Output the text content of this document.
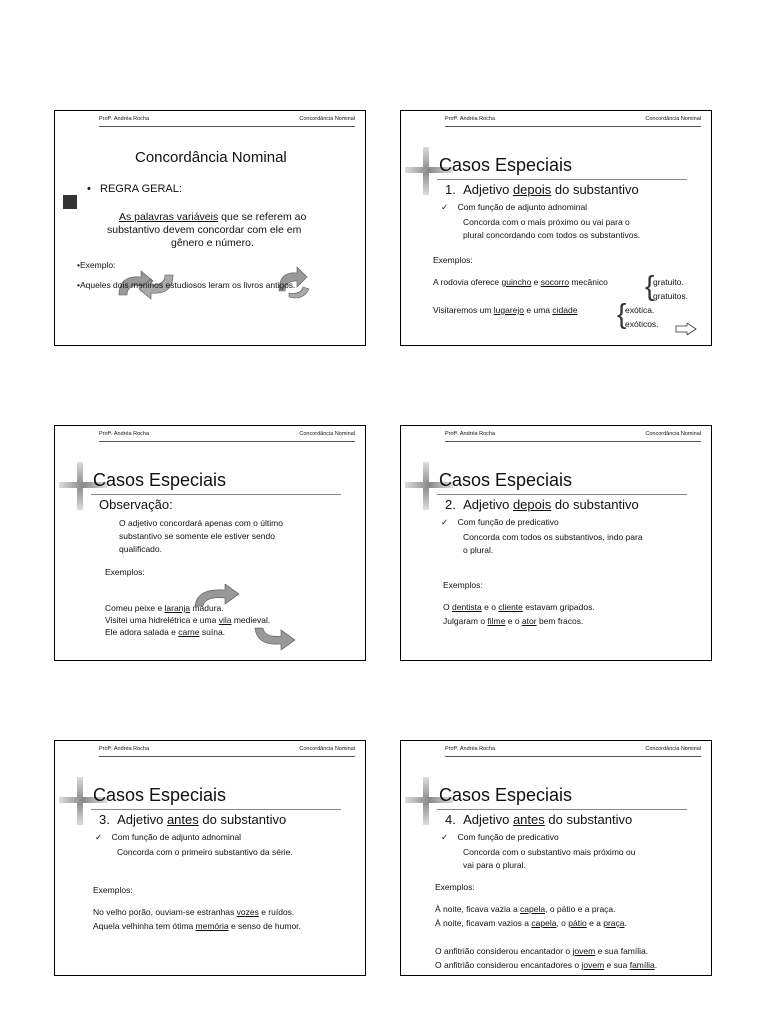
Profª. Andréa Rocha	Concordância Nominal
Concordância Nominal
•   REGRA GERAL:
As palavras variáveis que se referem ao
substantivo devem concordar com ele em
gênero e número.
•Exemplo:
•Aqueles dois meninos estudiosos leram os livros antigos.
Profª. Andréa Rocha	Concordância Nominal
Casos Especiais
1. Adjetivo depois do substantivo
✓ Com função de adjunto adnominal
Concorda com o mais próximo ou vai para o
plural concordando com todos os substantivos.
Exemplos:
A rodovia oferece guincho e socorro mecânico {
gratuito.
gratuitos.
Visitaremos um lugarejo e uma cidade {
exótica.
exóticos.
Profª. Andréa Rocha	Concordância Nominal
Casos Especiais
Observação:
O adjetivo concordará apenas com o último
substantivo se somente ele estiver sendo
qualificado.
Exemplos:
Comeu peixe e laranja madura.
Visitei uma hidrelétrica e uma vila medieval.
Ele adora salada e carne suína.
Profª. Andréa Rocha	Concordância Nominal
Casos Especiais
2. Adjetivo depois do substantivo
✓ Com função de predicativo
Concorda com todos os substantivos, indo para
o plural.
Exemplos:
O dentista e o cliente estavam gripados.
Julgaram o filme e o ator bem fracos.
Profª. Andréa Rocha	Concordância Nominal
Casos Especiais
3. Adjetivo antes do substantivo
✓ Com função de adjunto adnominal
Concorda com o primeiro substantivo da série.
Exemplos:
No velho porão, ouviam-se estranhas vozes e ruídos.
Aquela velhinha tem ótima memória e senso de humor.
Profª. Andréa Rocha	Concordância Nominal
Casos Especiais
4. Adjetivo antes do substantivo
✓ Com função de predicativo
Concorda com o substantivo mais próximo ou
vai para o plural.
Exemplos:
À noite, ficava vazia a capela, o pátio e a praça.
À noite, ficavam vazios a capela, o pátio e a praça.
O anfitrião considerou encantador o jovem e sua família.
O anfitrião considerou encantadores o jovem e sua família.
